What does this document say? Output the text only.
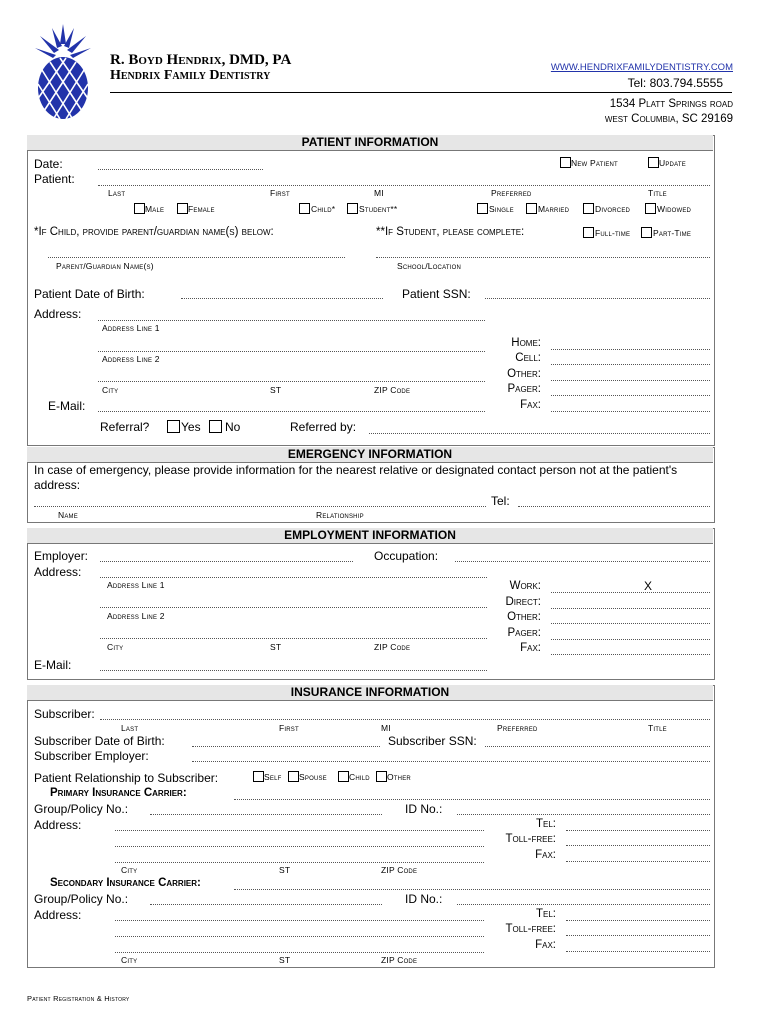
R. Boyd Hendrix, DMD, PA
Hendrix Family Dentistry
WWW.HENDRIXFAMILYDENTISTRY.COM
Tel: 803.794.5555
1534 Platt Springs road
west Columbia, SC 29169
PATIENT INFORMATION
Date:	New Patient	Update
Patient:
Last	First	MI	Preferred	Title
Male	Female	Child*	Student**	Single	Married	Divorced	Widowed
*If Child, provide parent/guardian name(s) below:	**If Student, please complete:	Full-time	Part-Time
Parent/Guardian Name(s)	School/Location
Patient Date of Birth:	Patient SSN:
Address:
Address Line 1
Address Line 2
City	ST	ZIP Code
Home:
Cell:
Other:
Pager:
Fax:
E-Mail:
Referral?	Yes No	Referred by:
EMERGENCY INFORMATION
In case of emergency, please provide information for the nearest relative or designated contact person not at the patient's address:
Tel:
Name	Relationship
EMPLOYMENT INFORMATION
Employer:	Occupation:
Address:
Address Line 1
Address Line 2
City	ST	ZIP Code
Work:	X
Direct:
Other:
Pager:
Fax:
E-Mail:
INSURANCE INFORMATION
Subscriber:
Last	First	MI	Preferred	Title
Subscriber Date of Birth:	Subscriber SSN:
Subscriber Employer:
Patient Relationship to Subscriber:	Self Spouse	Child Other
Primary Insurance Carrier:
Group/Policy No.:	ID No.:
Address:
City	ST	ZIP Code
Tel:
Toll-free:
Fax:
Secondary Insurance Carrier:
Group/Policy No.:	ID No.:
Address:
City	ST	ZIP Code
Tel:
Toll-free:
Fax:
Patient Registration & History
